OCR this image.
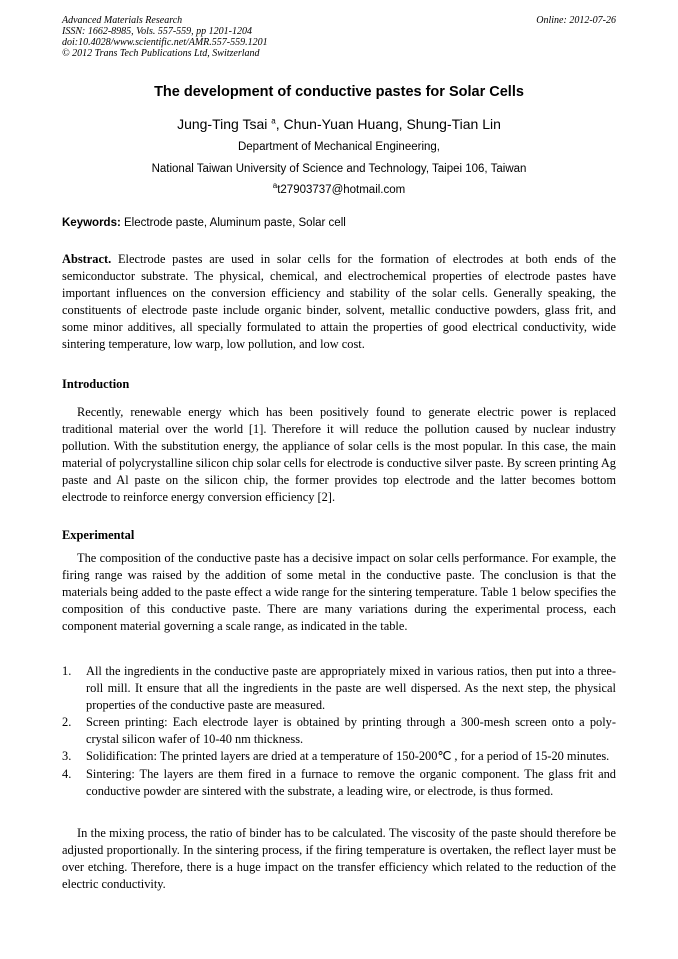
Advanced Materials Research
ISSN: 1662-8985, Vols. 557-559, pp 1201-1204
doi:10.4028/www.scientific.net/AMR.557-559.1201
© 2012 Trans Tech Publications Ltd, Switzerland
Online: 2012-07-26
The development of conductive pastes for Solar Cells
Jung-Ting Tsai $^a$, Chun-Yuan Huang, Shung-Tian Lin
Department of Mechanical Engineering,
National Taiwan University of Science and Technology, Taipei 106, Taiwan
$^a$t27903737@hotmail.com
Keywords: Electrode paste, Aluminum paste, Solar cell

Abstract. Electrode pastes are used in solar cells for the formation of electrodes at both ends of the semiconductor substrate. The physical, chemical, and electrochemical properties of electrode pastes have important influences on the conversion efficiency and stability of the solar cells. Generally speaking, the constituents of electrode paste include organic binder, solvent, metallic conductive powders, glass frit, and some minor additives, all specially formulated to attain the properties of good electrical conductivity, wide sintering temperature, low warp, low pollution, and low cost.

Introduction

Recently, renewable energy which has been positively found to generate electric power is replaced traditional material over the world [1]. Therefore it will reduce the pollution caused by nuclear industry pollution. With the substitution energy, the appliance of solar cells is the most popular. In this case, the main material of polycrystalline silicon chip solar cells for electrode is conductive silver paste. By screen printing Ag paste and Al paste on the silicon chip, the former provides top electrode and the latter becomes bottom electrode to reinforce energy conversion efficiency [2].

Experimental

The composition of the conductive paste has a decisive impact on solar cells performance. For example, the firing range was raised by the addition of some metal in the conductive paste. The conclusion is that the materials being added to the paste effect a wide range for the sintering temperature. Table 1 below specifies the composition of this conductive paste. There are many variations during the experimental process, each component material governing a scale range, as indicated in the table.

1. All the ingredients in the conductive paste are appropriately mixed in various ratios, then put into a three-roll mill. It ensure that all the ingredients in the paste are well dispersed. As the next step, the physical properties of the conductive paste are measured.
2. Screen printing: Each electrode layer is obtained by printing through a 300-mesh screen onto a poly- crystal silicon wafer of 10-40 nm thickness.
3. Solidification: The printed layers are dried at a temperature of 150-200℃ , for a period of 15-20 minutes.
4. Sintering: The layers are them fired in a furnace to remove the organic component. The glass frit and conductive powder are sintered with the substrate, a leading wire, or electrode, is thus formed.

In the mixing process, the ratio of binder has to be calculated. The viscosity of the paste should therefore be adjusted proportionally. In the sintering process, if the firing temperature is overtaken, the reflect layer must be over etching. Therefore, there is a huge impact on the transfer efficiency which related to the reduction of the electric conductivity.
